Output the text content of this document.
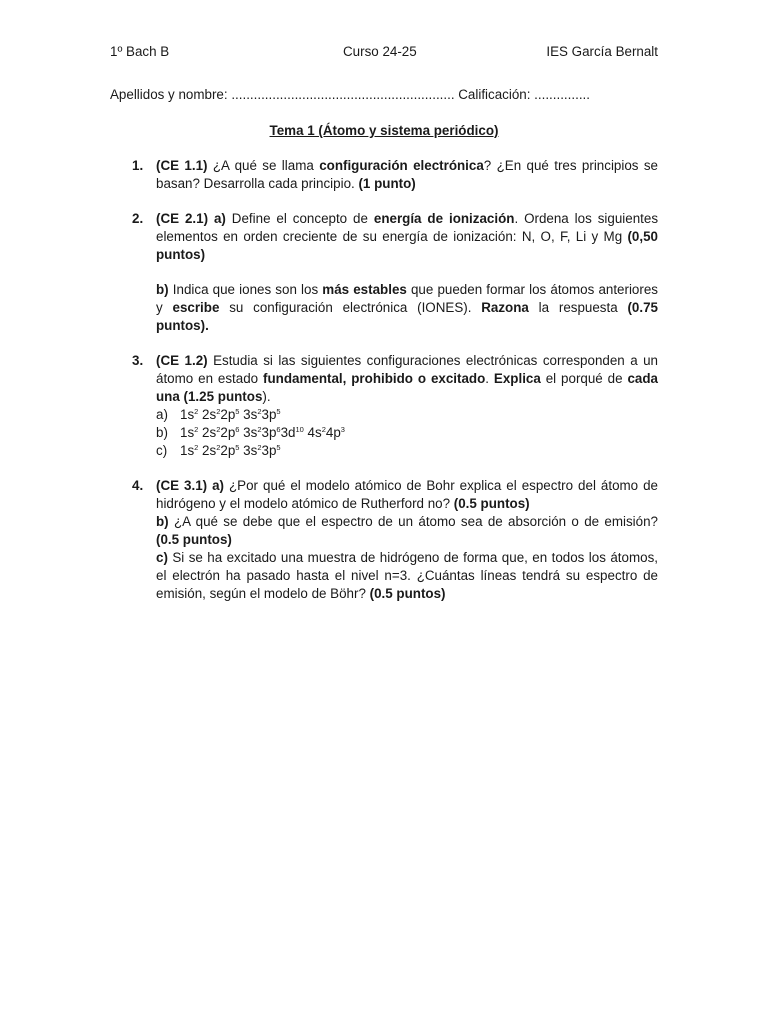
1º Bach B	Curso 24-25	IES García Bernalt
Apellidos y nombre: ............................................................ Calificación: ...............
Tema 1 (Átomo y sistema periódico)
1. (CE 1.1) ¿A qué se llama configuración electrónica? ¿En qué tres principios se basan? Desarrolla cada principio. (1 punto)
2. (CE 2.1) a) Define el concepto de energía de ionización. Ordena los siguientes elementos en orden creciente de su energía de ionización: N, O, F, Li y Mg (0,50 puntos)
b) Indica que iones son los más estables que pueden formar los átomos anteriores y escribe su configuración electrónica (IONES). Razona la respuesta (0.75 puntos).
3. (CE 1.2) Estudia si las siguientes configuraciones electrónicas corresponden a un átomo en estado fundamental, prohibido o excitado. Explica el porqué de cada una (1.25 puntos).
a) $1s^2$ $2s^22p^5$ $3s^23p^5$
b) $1s^2$ $2s^22p^6$ $3s^23p^63d^{10}$ $4s^24p^3$
c) $1s^2$ $2s^22p^5$ $3s^23p^5$
4. (CE 3.1) a) ¿Por qué el modelo atómico de Bohr explica el espectro del átomo de hidrógeno y el modelo atómico de Rutherford no? (0.5 puntos)
b) ¿A qué se debe que el espectro de un átomo sea de absorción o de emisión? (0.5 puntos)
c) Si se ha excitado una muestra de hidrógeno de forma que, en todos los átomos, el electrón ha pasado hasta el nivel n=3. ¿Cuántas líneas tendrá su espectro de emisión, según el modelo de Böhr? (0.5 puntos)
